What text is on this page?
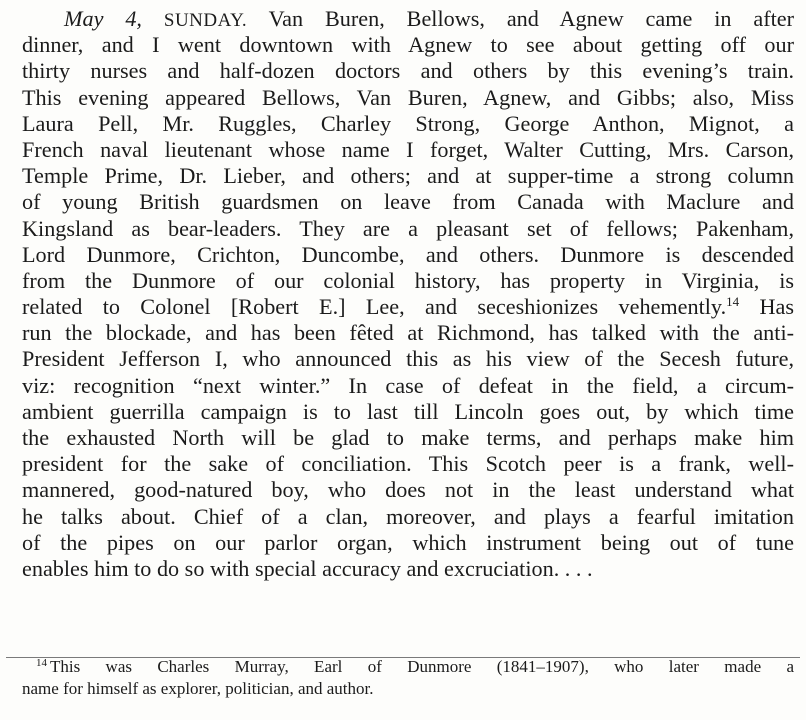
May 4, SUNDAY. Van Buren, Bellows, and Agnew came in after
dinner, and I went downtown with Agnew to see about getting off our
thirty nurses and half-dozen doctors and others by this evening’s train.
This evening appeared Bellows, Van Buren, Agnew, and Gibbs; also, Miss
Laura Pell, Mr. Ruggles, Charley Strong, George Anthon, Mignot, a
French naval lieutenant whose name I forget, Walter Cutting, Mrs. Carson,
Temple Prime, Dr. Lieber, and others; and at supper-time a strong column
of young British guardsmen on leave from Canada with Maclure and
Kingsland as bear-leaders. They are a pleasant set of fellows; Pakenham,
Lord Dunmore, Crichton, Duncombe, and others. Dunmore is descended
from the Dunmore of our colonial history, has property in Virginia, is
related to Colonel [Robert E.] Lee, and seceshionizes vehemently.$^{14}$ Has
run the blockade, and has been fêted at Richmond, has talked with the anti-
President Jefferson I, who announced this as his view of the Secesh future,
viz: recognition “next winter.” In case of defeat in the field, a circum-
ambient guerrilla campaign is to last till Lincoln goes out, by which time
the exhausted North will be glad to make terms, and perhaps make him
president for the sake of conciliation. This Scotch peer is a frank, well-
mannered, good-natured boy, who does not in the least understand what
he talks about. Chief of a clan, moreover, and plays a fearful imitation
of the pipes on our parlor organ, which instrument being out of tune
enables him to do so with special accuracy and excruciation. . . .
$^{14}$ This was Charles Murray, Earl of Dunmore (1841–1907), who later made a
name for himself as explorer, politician, and author.
